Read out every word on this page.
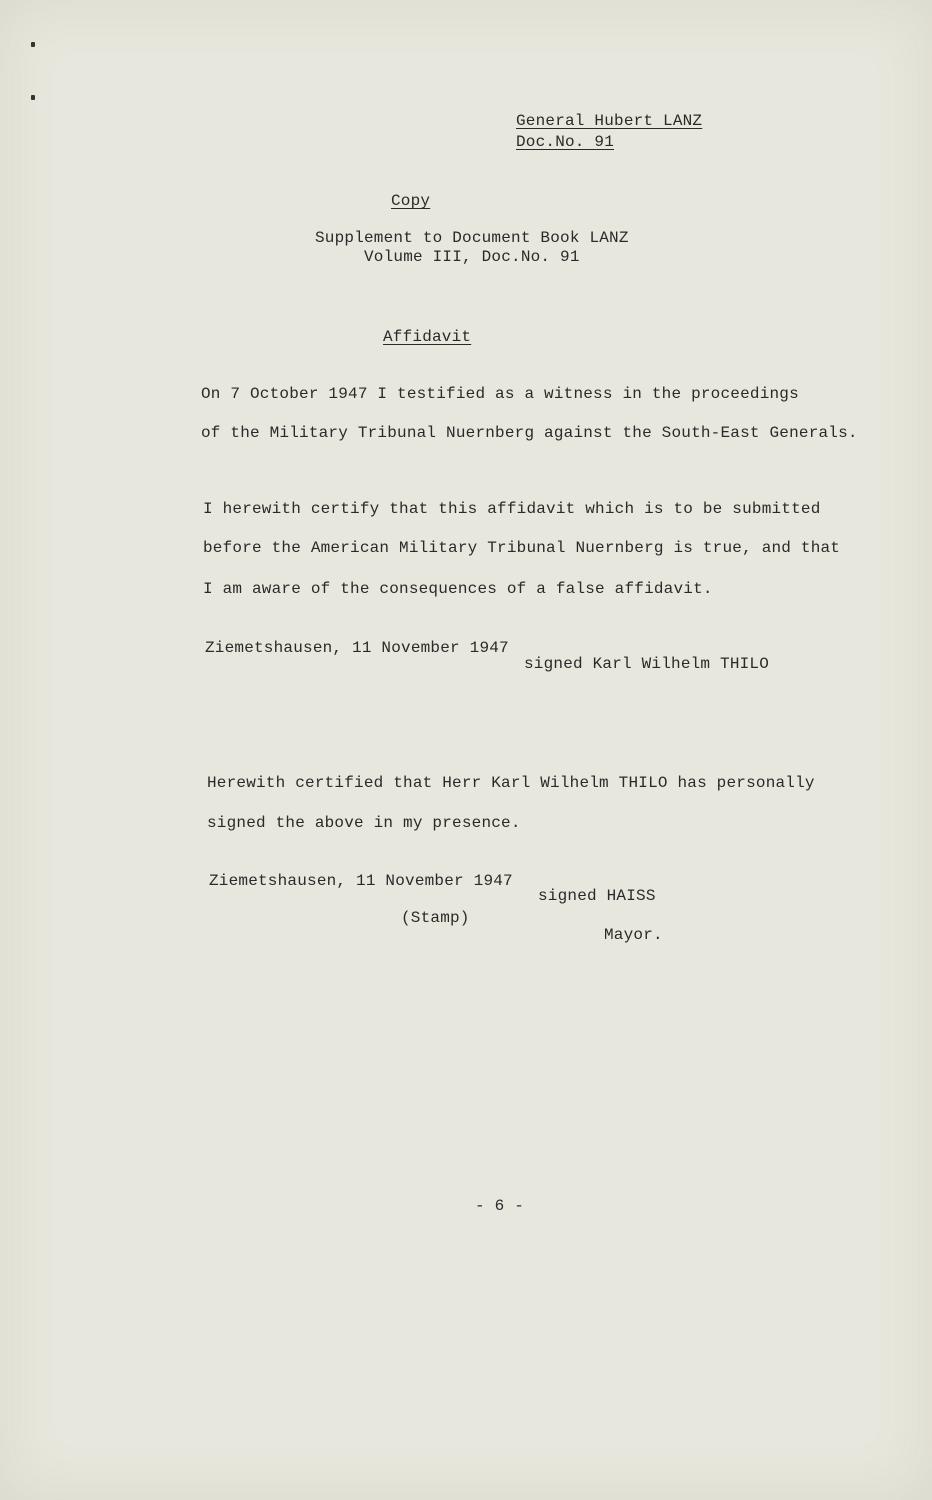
General Hubert LANZ
Doc.No. 91
Copy
Supplement to Document Book LANZ
Volume III, Doc.No. 91
Affidavit
On 7 October 1947 I testified as a witness in the proceedings
of the Military Tribunal Nuernberg against the South-East Generals.
I herewith certify that this affidavit which is to be submitted
before the American Military Tribunal Nuernberg is true, and that
I am aware of the consequences of a false affidavit.
Ziemetshausen, 11 November 1947
signed Karl Wilhelm THILO
Herewith certified that Herr Karl Wilhelm THILO has personally
signed the above in my presence.
Ziemetshausen, 11 November 1947
(Stamp)
signed HAISS
Mayor.
- 6 -
